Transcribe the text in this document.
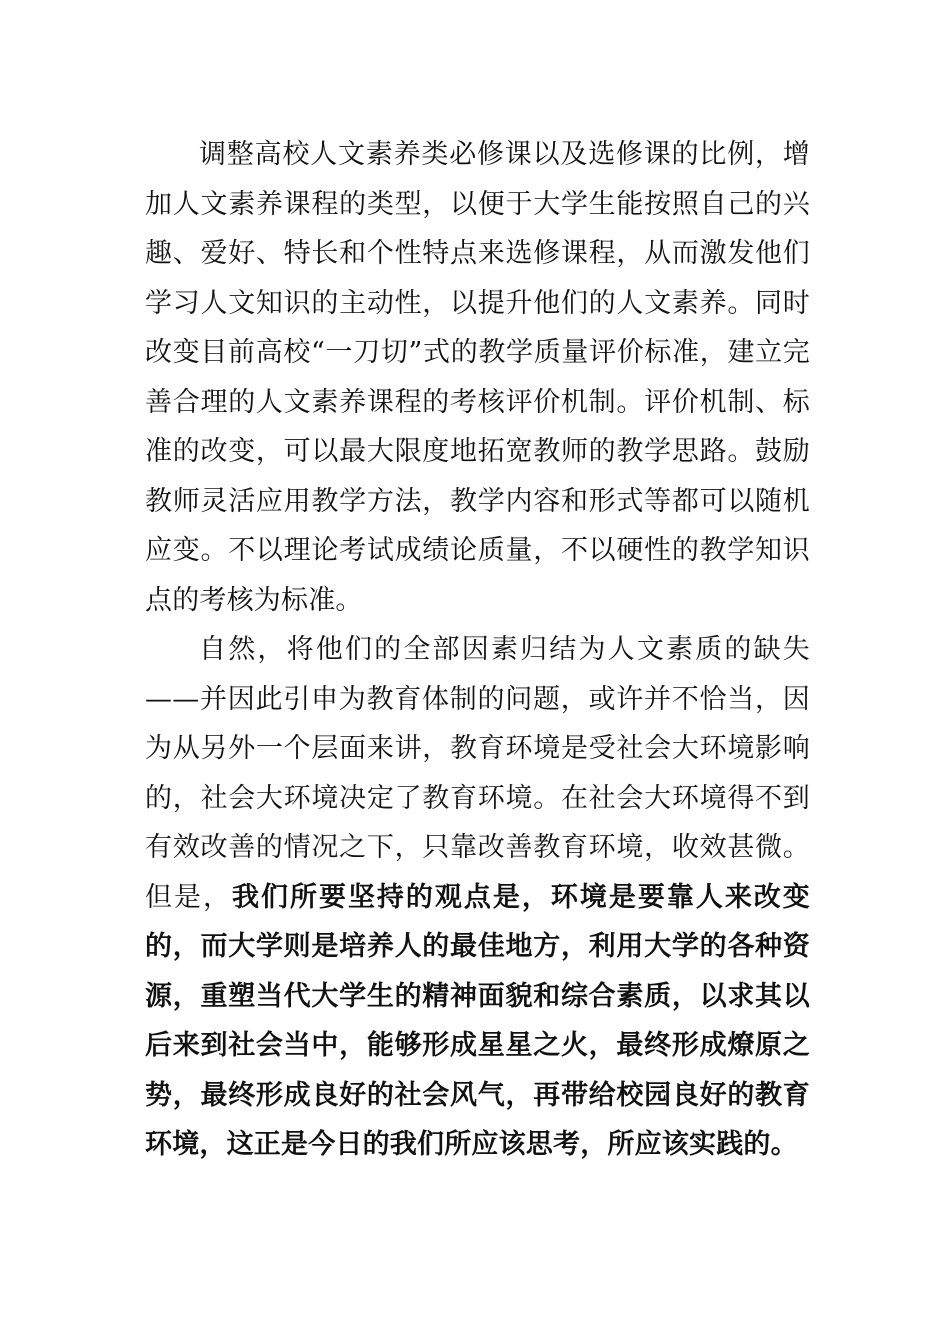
调整高校人文素养类必修课以及选修课的比例，增加人文素养课程的类型，以便于大学生能按照自己的兴趣、爱好、特长和个性特点来选修课程，从而激发他们学习人文知识的主动性，以提升他们的人文素养。同时改变目前高校“一刀切”式的教学质量评价标准，建立完善合理的人文素养课程的考核评价机制。评价机制、标准的改变，可以最大限度地拓宽教师的教学思路。鼓励教师灵活应用教学方法，教学内容和形式等都可以随机应变。不以理论考试成绩论质量，不以硬性的教学知识点的考核为标准。

自然，将他们的全部因素归结为人文素质的缺失——并因此引申为教育体制的问题，或许并不恰当，因为从另外一个层面来讲，教育环境是受社会大环境影响的，社会大环境决定了教育环境。在社会大环境得不到有效改善的情况之下，只靠改善教育环境，收效甚微。但是，我们所要坚持的观点是，环境是要靠人来改变的，而大学则是培养人的最佳地方，利用大学的各种资源，重塑当代大学生的精神面貌和综合素质，以求其以后来到社会当中，能够形成星星之火，最终形成燎原之势，最终形成良好的社会风气，再带给校园良好的教育环境，这正是今日的我们所应该思考，所应该实践的。
